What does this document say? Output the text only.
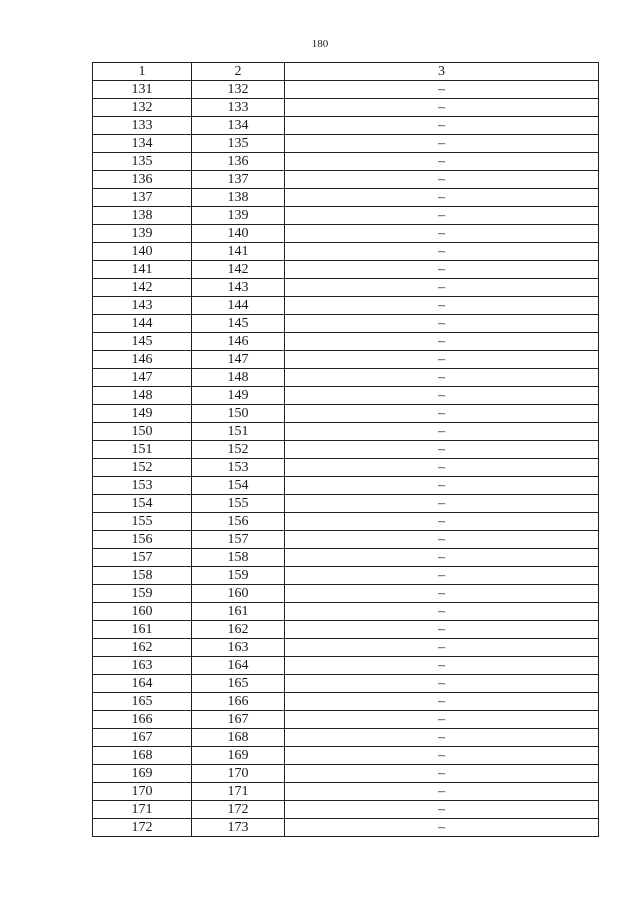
180
1	2	3
131	132	–
132	133	–
133	134	–
134	135	–
135	136	–
136	137	–
137	138	–
138	139	–
139	140	–
140	141	–
141	142	–
142	143	–
143	144	–
144	145	–
145	146	–
146	147	–
147	148	–
148	149	–
149	150	–
150	151	–
151	152	–
152	153	–
153	154	–
154	155	–
155	156	–
156	157	–
157	158	–
158	159	–
159	160	–
160	161	–
161	162	–
162	163	–
163	164	–
164	165	–
165	166	–
166	167	–
167	168	–
168	169	–
169	170	–
170	171	–
171	172	–
172	173	–
